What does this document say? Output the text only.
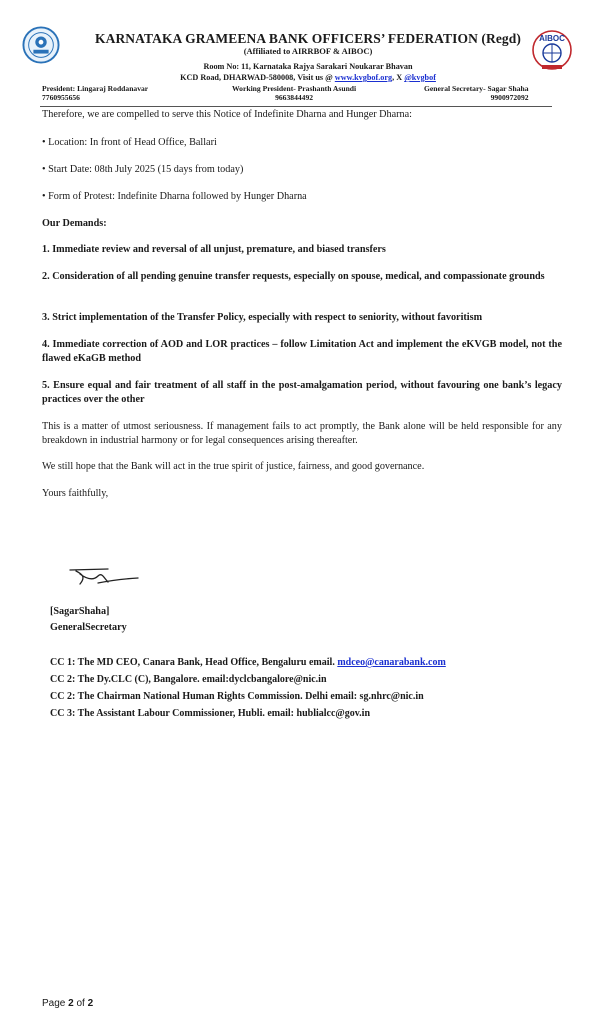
AIBOC
KARNATAKA GRAMEENA BANK OFFICERS’ FEDERATION (Regd)
(Affiliated to AIRRBOF & AIBOC)
Room No: 11, Karnataka Rajya Sarakari Noukarar Bhavan
KCD Road, DHARWAD-580008, Visit us @ www.kvgbof.org, X @kvgbof
President: Lingaraj Roddanavar
7760955656
Working President- Prashanth Asundi
9663844492
General Secretary- Sagar Shaha
9900972092
Therefore, we are compelled to serve this Notice of Indefinite Dharna and Hunger Dharna:
• Location: In front of Head Office, Ballari
• Start Date: 08th July 2025 (15 days from today)
• Form of Protest: Indefinite Dharna followed by Hunger Dharna
Our Demands:
1. Immediate review and reversal of all unjust, premature, and biased transfers
2. Consideration of all pending genuine transfer requests, especially on spouse, medical, and compassionate grounds
3. Strict implementation of the Transfer Policy, especially with respect to seniority, without favoritism
4. Immediate correction of AOD and LOR practices – follow Limitation Act and implement the eKVGB model, not the flawed eKaGB method
5. Ensure equal and fair treatment of all staff in the post-amalgamation period, without favouring one bank’s legacy practices over the other
This is a matter of utmost seriousness. If management fails to act promptly, the Bank alone will be held responsible for any breakdown in industrial harmony or for legal consequences arising thereafter.
We still hope that the Bank will act in the true spirit of justice, fairness, and good governance.
Yours faithfully,
[SagarShaha]
GeneralSecretary
CC 1: The MD CEO, Canara Bank, Head Office, Bengaluru email. mdceo@canarabank.com
CC 2: The Dy.CLC (C), Bangalore. email:dyclcbangalore@nic.in
CC 2: The Chairman National Human Rights Commission. Delhi email: sg.nhrc@nic.in
CC 3: The Assistant Labour Commissioner, Hubli. email: hublialcc@gov.in
Page 2 of 2
